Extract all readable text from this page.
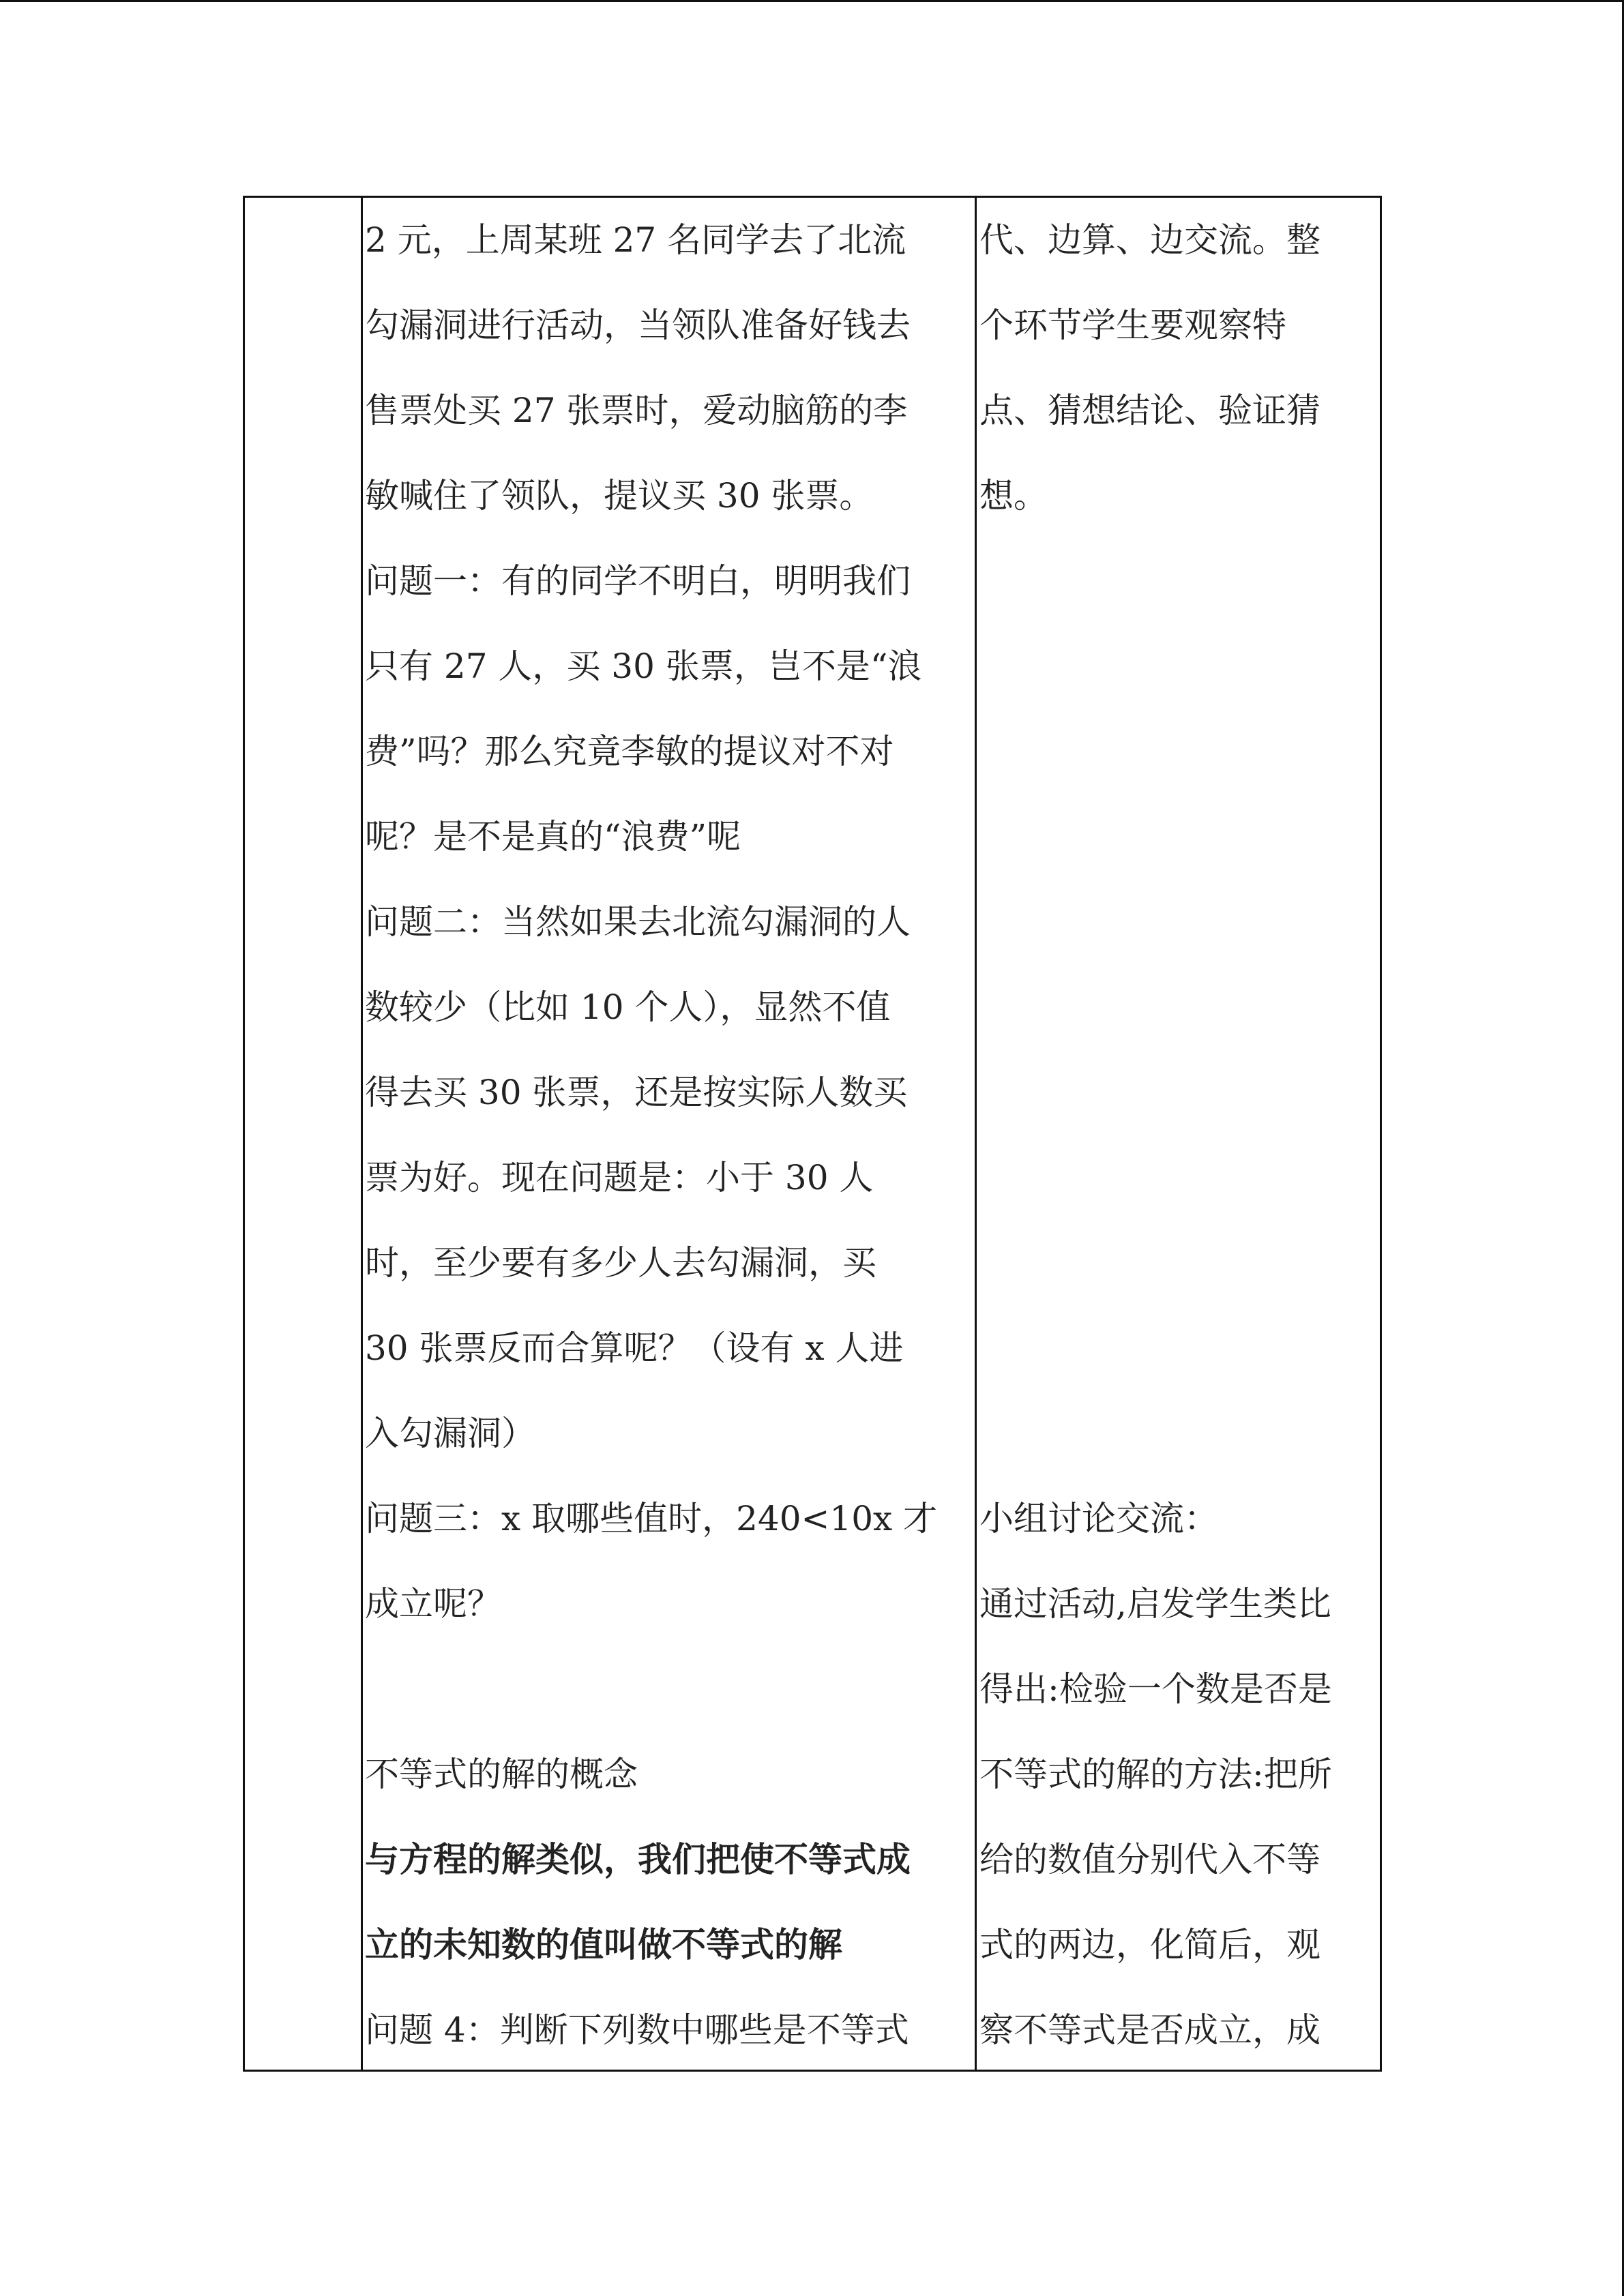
2 元，上周某班 27 名同学去了北流
勾漏洞进行活动，当领队准备好钱去
售票处买 27 张票时，爱动脑筋的李
敏喊住了领队，提议买 30 张票。
问题一：有的同学不明白，明明我们
只有 27 人，买 30 张票，岂不是“浪
费”吗？那么究竟李敏的提议对不对
呢？是不是真的“浪费”呢
问题二：当然如果去北流勾漏洞的人
数较少（比如 10 个人），显然不值
得去买 30 张票，还是按实际人数买
票为好。现在问题是：小于 30 人
时，至少要有多少人去勾漏洞，买
30 张票反而合算呢？（设有 x 人进
入勾漏洞）
问题三：x 取哪些值时，240<10x 才
成立呢？
不等式的解的概念
与方程的解类似，我们把使不等式成
立的未知数的值叫做不等式的解
问题 4：判断下列数中哪些是不等式
代、边算、边交流。整
个环节学生要观察特
点、猜想结论、验证猜
想。
小组讨论交流：
通过活动,启发学生类比
得出:检验一个数是否是
不等式的解的方法:把所
给的数值分别代入不等
式的两边，化简后，观
察不等式是否成立，成
